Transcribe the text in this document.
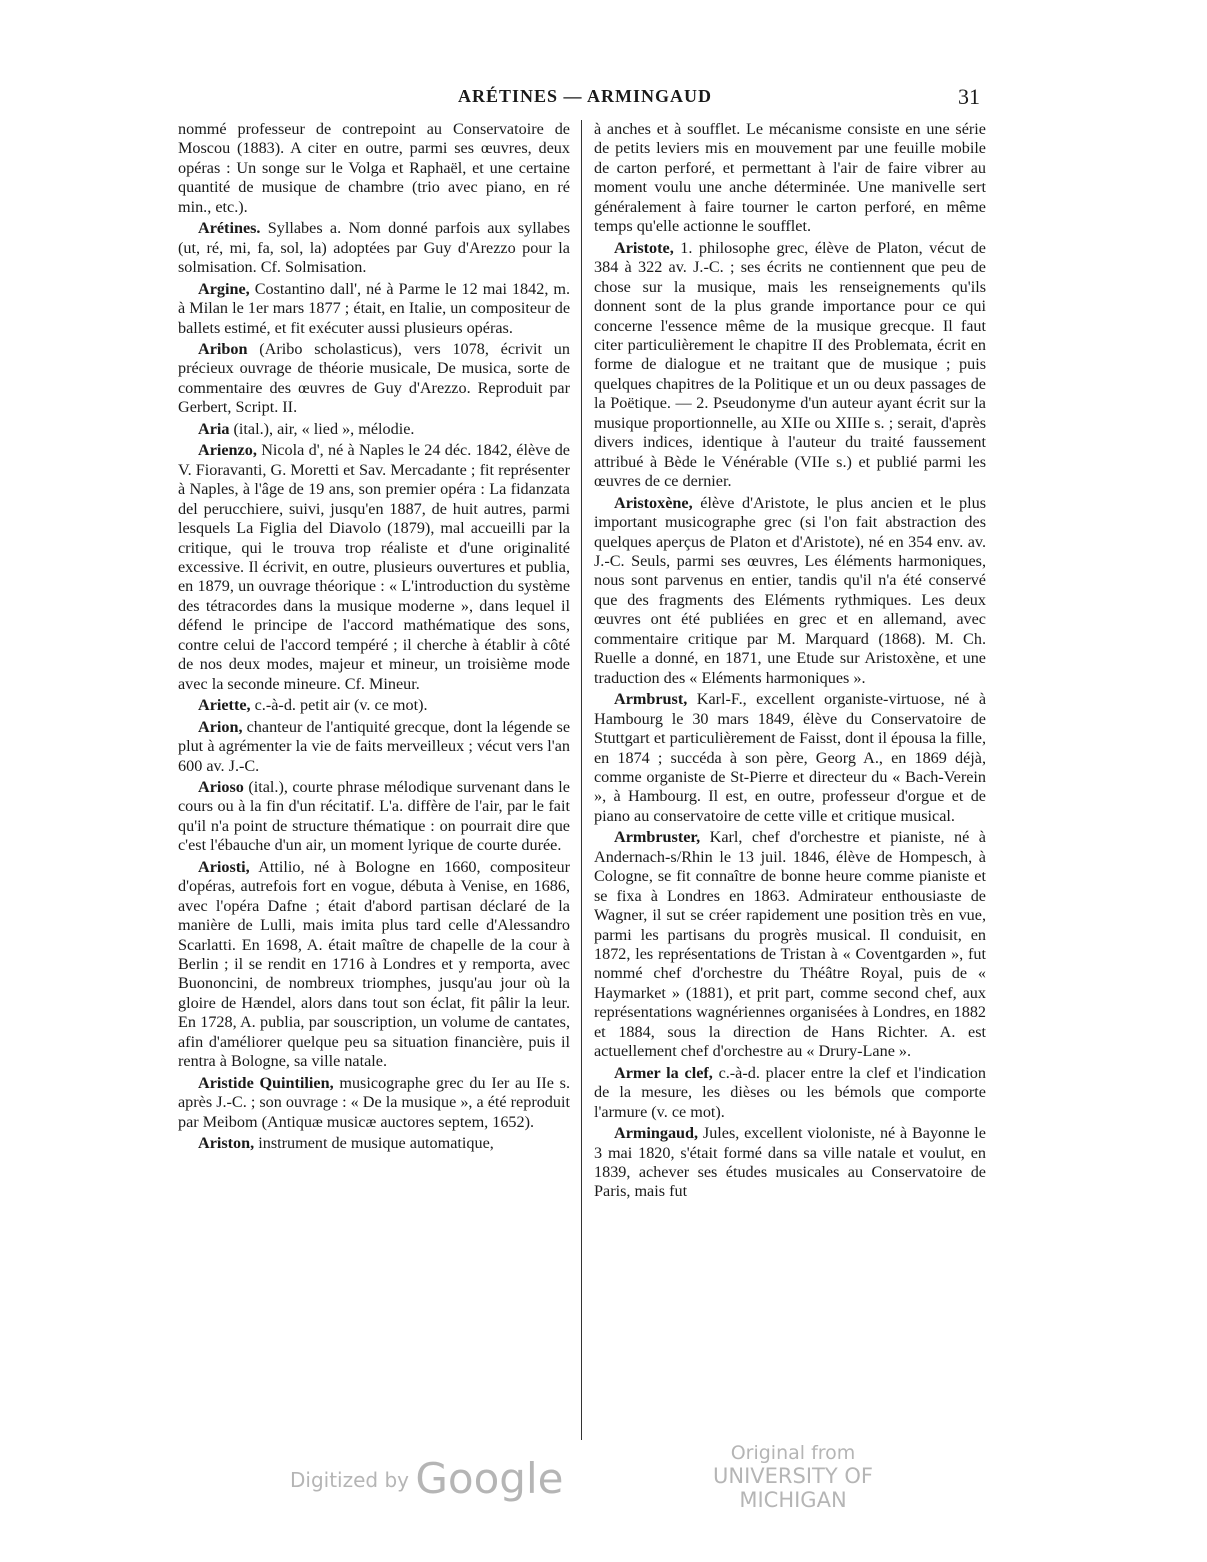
ARÉTINES — ARMINGAUD	31

nommé professeur de contrepoint au Conservatoire de Moscou (1883). A citer en outre, parmi ses œuvres, deux opéras : Un songe sur le Volga et Raphaël, et une certaine quantité de musique de chambre (trio avec piano, en ré min., etc.).

Arétines. Syllabes a. Nom donné parfois aux syllabes (ut, ré, mi, fa, sol, la) adoptées par Guy d'Arezzo pour la solmisation. Cf. Solmisation.

Argine, Costantino dall', né à Parme le 12 mai 1842, m. à Milan le 1er mars 1877 ; était, en Italie, un compositeur de ballets estimé, et fit exécuter aussi plusieurs opéras.

Aribon (Aribo scholasticus), vers 1078, écrivit un précieux ouvrage de théorie musicale, De musica, sorte de commentaire des œuvres de Guy d'Arezzo. Reproduit par Gerbert, Script. II.

Aria (ital.), air, « lied », mélodie.

Arienzo, Nicola d', né à Naples le 24 déc. 1842, élève de V. Fioravanti, G. Moretti et Sav. Mercadante ; fit représenter à Naples, à l'âge de 19 ans, son premier opéra : La fidanzata del perucchiere, suivi, jusqu'en 1887, de huit autres, parmi lesquels La Figlia del Diavolo (1879), mal accueilli par la critique, qui le trouva trop réaliste et d'une originalité excessive. Il écrivit, en outre, plusieurs ouvertures et publia, en 1879, un ouvrage théorique : « L'introduction du système des tétracordes dans la musique moderne », dans lequel il défend le principe de l'accord mathématique des sons, contre celui de l'accord tempéré ; il cherche à établir à côté de nos deux modes, majeur et mineur, un troisième mode avec la seconde mineure. Cf. Mineur.

Ariette, c.-à-d. petit air (v. ce mot).

Arion, chanteur de l'antiquité grecque, dont la légende se plut à agrémenter la vie de faits merveilleux ; vécut vers l'an 600 av. J.-C.

Arioso (ital.), courte phrase mélodique survenant dans le cours ou à la fin d'un récitatif. L'a. diffère de l'air, par le fait qu'il n'a point de structure thématique : on pourrait dire que c'est l'ébauche d'un air, un moment lyrique de courte durée.

Ariosti, Attilio, né à Bologne en 1660, compositeur d'opéras, autrefois fort en vogue, débuta à Venise, en 1686, avec l'opéra Dafne ; était d'abord partisan déclaré de la manière de Lulli, mais imita plus tard celle d'Alessandro Scarlatti. En 1698, A. était maître de chapelle de la cour à Berlin ; il se rendit en 1716 à Londres et y remporta, avec Buononcini, de nombreux triomphes, jusqu'au jour où la gloire de Hændel, alors dans tout son éclat, fit pâlir la leur. En 1728, A. publia, par souscription, un volume de cantates, afin d'améliorer quelque peu sa situation financière, puis il rentra à Bologne, sa ville natale.

Aristide Quintilien, musicographe grec du Ier au IIe s. après J.-C. ; son ouvrage : « De la musique », a été reproduit par Meibom (Antiquæ musicæ auctores septem, 1652).

Ariston, instrument de musique automatique,

à anches et à soufflet. Le mécanisme consiste en une série de petits leviers mis en mouvement par une feuille mobile de carton perforé, et permettant à l'air de faire vibrer au moment voulu une anche déterminée. Une manivelle sert généralement à faire tourner le carton perforé, en même temps qu'elle actionne le soufflet.

Aristote, 1. philosophe grec, élève de Platon, vécut de 384 à 322 av. J.-C. ; ses écrits ne contiennent que peu de chose sur la musique, mais les renseignements qu'ils donnent sont de la plus grande importance pour ce qui concerne l'essence même de la musique grecque. Il faut citer particulièrement le chapitre II des Problemata, écrit en forme de dialogue et ne traitant que de musique ; puis quelques chapitres de la Politique et un ou deux passages de la Poëtique. — 2. Pseudonyme d'un auteur ayant écrit sur la musique proportionnelle, au XIIe ou XIIIe s. ; serait, d'après divers indices, identique à l'auteur du traité faussement attribué à Bède le Vénérable (VIIe s.) et publié parmi les œuvres de ce dernier.

Aristoxène, élève d'Aristote, le plus ancien et le plus important musicographe grec (si l'on fait abstraction des quelques aperçus de Platon et d'Aristote), né en 354 env. av. J.-C. Seuls, parmi ses œuvres, Les éléments harmoniques, nous sont parvenus en entier, tandis qu'il n'a été conservé que des fragments des Eléments rythmiques. Les deux œuvres ont été publiées en grec et en allemand, avec commentaire critique par M. Marquard (1868). M. Ch. Ruelle a donné, en 1871, une Etude sur Aristoxène, et une traduction des « Eléments harmoniques ».

Armbrust, Karl-F., excellent organiste-virtuose, né à Hambourg le 30 mars 1849, élève du Conservatoire de Stuttgart et particulièrement de Faisst, dont il épousa la fille, en 1874 ; succéda à son père, Georg A., en 1869 déjà, comme organiste de St-Pierre et directeur du « Bach-Verein », à Hambourg. Il est, en outre, professeur d'orgue et de piano au conservatoire de cette ville et critique musical.

Armbruster, Karl, chef d'orchestre et pianiste, né à Andernach-s/Rhin le 13 juil. 1846, élève de Hompesch, à Cologne, se fit connaître de bonne heure comme pianiste et se fixa à Londres en 1863. Admirateur enthousiaste de Wagner, il sut se créer rapidement une position très en vue, parmi les partisans du progrès musical. Il conduisit, en 1872, les représentations de Tristan à « Coventgarden », fut nommé chef d'orchestre du Théâtre Royal, puis de « Haymarket » (1881), et prit part, comme second chef, aux représentations wagnériennes organisées à Londres, en 1882 et 1884, sous la direction de Hans Richter. A. est actuellement chef d'orchestre au « Drury-Lane ».

Armer la clef, c.-à-d. placer entre la clef et l'indication de la mesure, les dièses ou les bémols que comporte l'armure (v. ce mot).

Armingaud, Jules, excellent violoniste, né à Bayonne le 3 mai 1820, s'était formé dans sa ville natale et voulut, en 1839, achever ses études musicales au Conservatoire de Paris, mais fut

Digitized by Google
Original from
UNIVERSITY OF MICHIGAN
